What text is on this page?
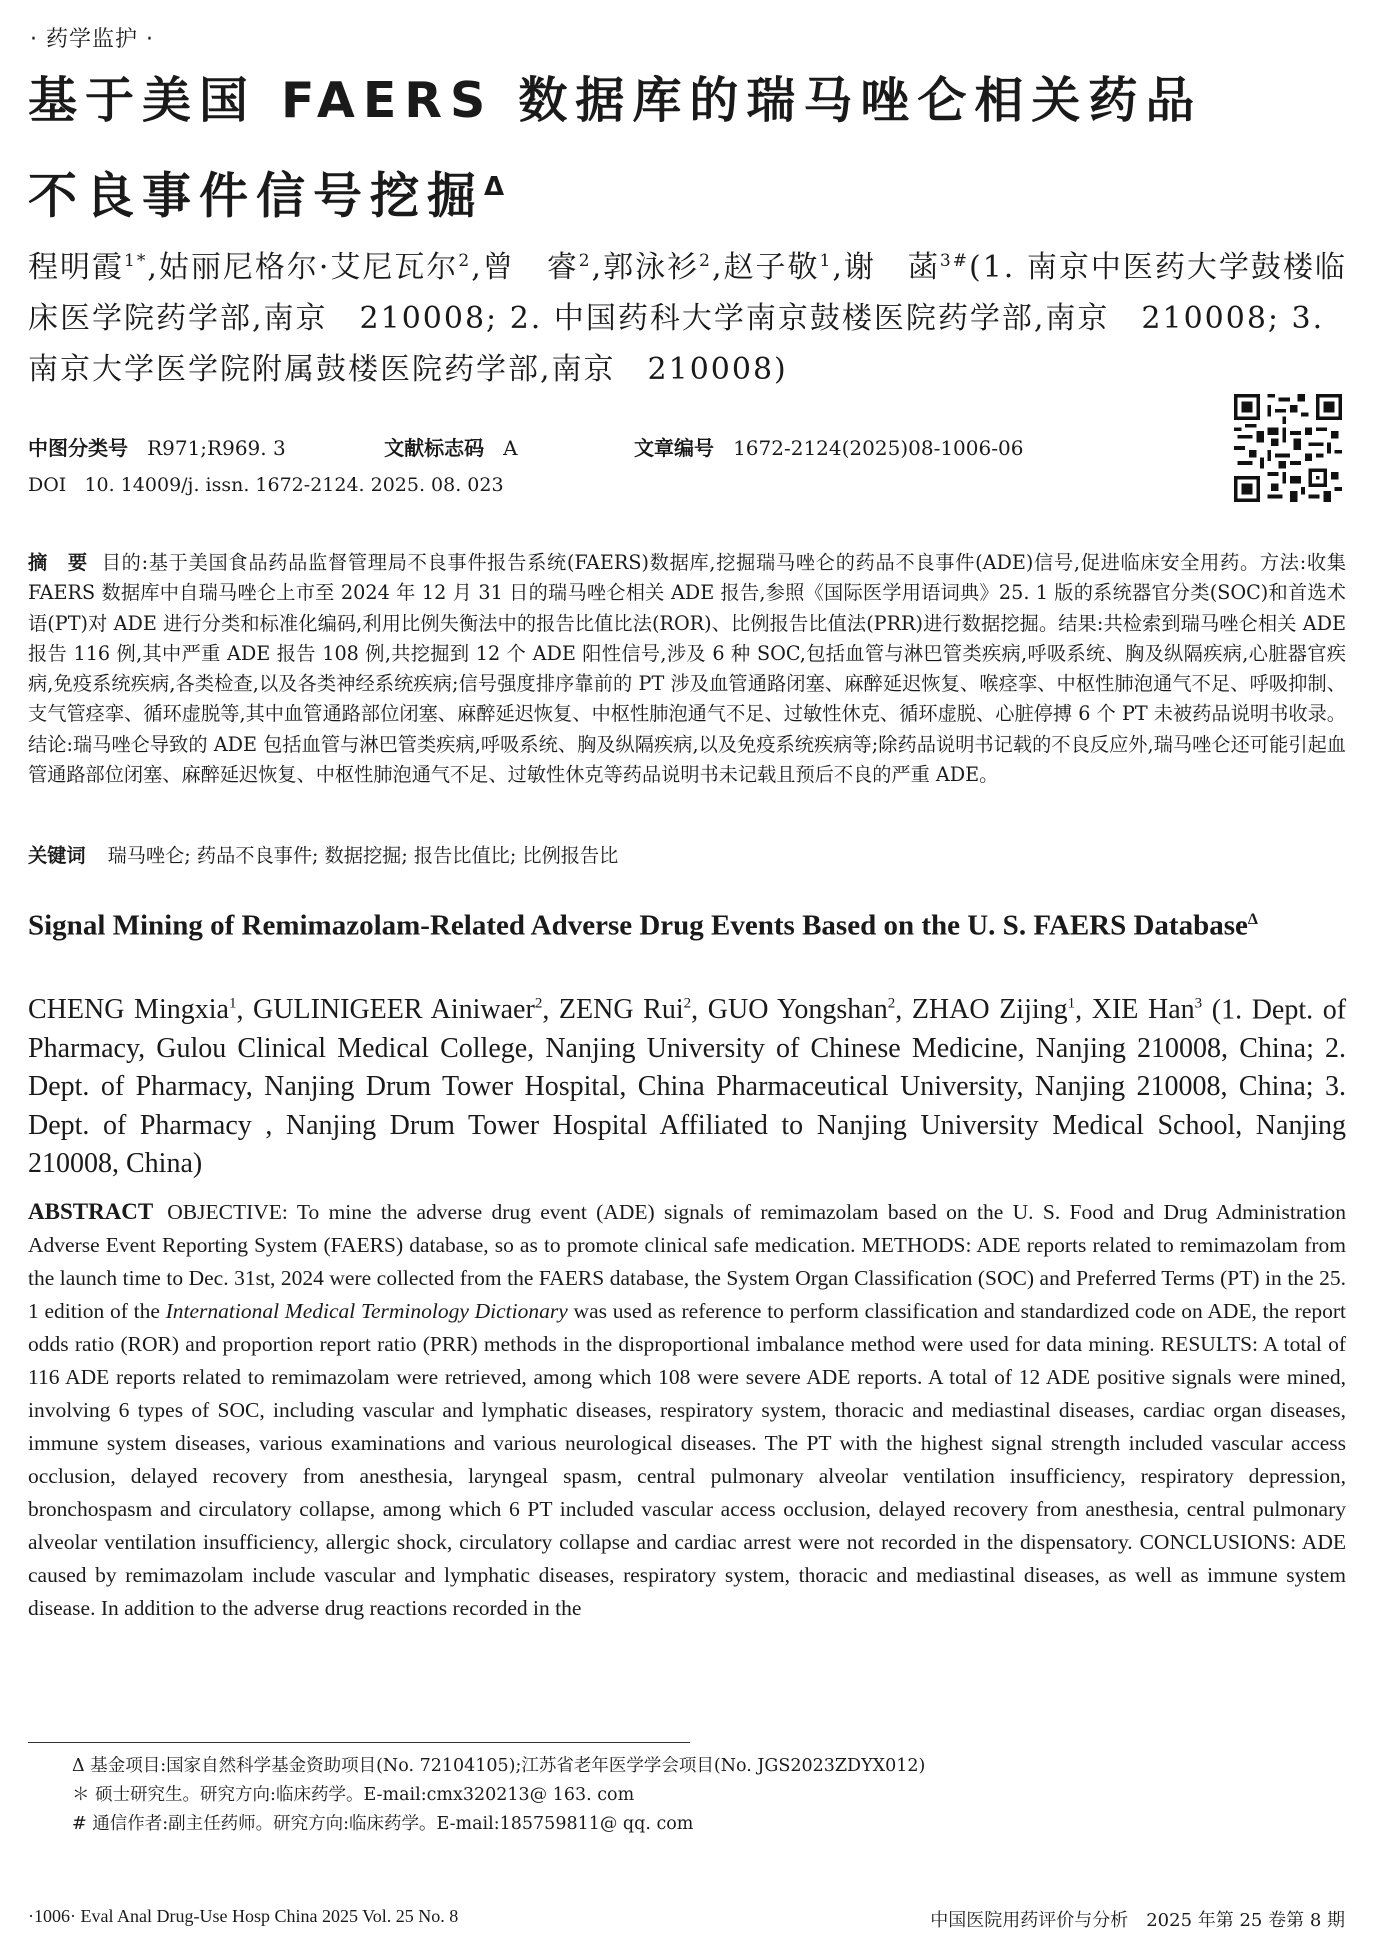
· 药学监护 ·
基于美国 FAERS 数据库的瑞马唑仑相关药品
不良事件信号挖掘$^\Delta$
程明霞$^{1*}$,姑丽尼格尔·艾尼瓦尔$^2$,曾　睿$^2$,郭泳衫$^2$,赵子敬$^1$,谢　菡$^{3\#}$(1. 南京中医药大学鼓楼临床医学院药学部,南京　210008; 2. 中国药科大学南京鼓楼医院药学部,南京　210008; 3. 南京大学医学院附属鼓楼医院药学部,南京　210008)
中图分类号 R971;R969. 3	文献标志码 A	文章编号 1672-2124(2025)08-1006-06
DOI 10. 14009/j. issn. 1672-2124. 2025. 08. 023
摘　要 目的:基于美国食品药品监督管理局不良事件报告系统(FAERS)数据库,挖掘瑞马唑仑的药品不良事件(ADE)信号,促进临床安全用药。方法:收集 FAERS 数据库中自瑞马唑仑上市至 2024 年 12 月 31 日的瑞马唑仑相关 ADE 报告,参照《国际医学用语词典》25. 1 版的系统器官分类(SOC)和首选术语(PT)对 ADE 进行分类和标准化编码,利用比例失衡法中的报告比值比法(ROR)、比例报告比值法(PRR)进行数据挖掘。结果:共检索到瑞马唑仑相关 ADE 报告 116 例,其中严重 ADE 报告 108 例,共挖掘到 12 个 ADE 阳性信号,涉及 6 种 SOC,包括血管与淋巴管类疾病,呼吸系统、胸及纵隔疾病,心脏器官疾病,免疫系统疾病,各类检查,以及各类神经系统疾病;信号强度排序靠前的 PT 涉及血管通路闭塞、麻醉延迟恢复、喉痉挛、中枢性肺泡通气不足、呼吸抑制、支气管痉挛、循环虚脱等,其中血管通路部位闭塞、麻醉延迟恢复、中枢性肺泡通气不足、过敏性休克、循环虚脱、心脏停搏 6 个 PT 未被药品说明书收录。结论:瑞马唑仑导致的 ADE 包括血管与淋巴管类疾病,呼吸系统、胸及纵隔疾病,以及免疫系统疾病等;除药品说明书记载的不良反应外,瑞马唑仑还可能引起血管通路部位闭塞、麻醉延迟恢复、中枢性肺泡通气不足、过敏性休克等药品说明书未记载且预后不良的严重 ADE。
关键词 瑞马唑仑; 药品不良事件; 数据挖掘; 报告比值比; 比例报告比
Signal Mining of Remimazolam-Related Adverse Drug Events Based on the U. S. FAERS Database$^\Delta$
CHENG Mingxia$^1$, GULINIGEER Ainiwaer$^2$, ZENG Rui$^2$, GUO Yongshan$^2$, ZHAO Zijing$^1$, XIE Han$^3$ (1. Dept. of Pharmacy, Gulou Clinical Medical College, Nanjing University of Chinese Medicine, Nanjing 210008, China; 2. Dept. of Pharmacy, Nanjing Drum Tower Hospital, China Pharmaceutical University, Nanjing 210008, China; 3. Dept. of Pharmacy , Nanjing Drum Tower Hospital Affiliated to Nanjing University Medical School, Nanjing 210008, China)
ABSTRACT OBJECTIVE: To mine the adverse drug event (ADE) signals of remimazolam based on the U. S. Food and Drug Administration Adverse Event Reporting System (FAERS) database, so as to promote clinical safe medication. METHODS: ADE reports related to remimazolam from the launch time to Dec. 31st, 2024 were collected from the FAERS database, the System Organ Classification (SOC) and Preferred Terms (PT) in the 25. 1 edition of the International Medical Terminology Dictionary was used as reference to perform classification and standardized code on ADE, the report odds ratio (ROR) and proportion report ratio (PRR) methods in the disproportional imbalance method were used for data mining. RESULTS: A total of 116 ADE reports related to remimazolam were retrieved, among which 108 were severe ADE reports. A total of 12 ADE positive signals were mined, involving 6 types of SOC, including vascular and lymphatic diseases, respiratory system, thoracic and mediastinal diseases, cardiac organ diseases, immune system diseases, various examinations and various neurological diseases. The PT with the highest signal strength included vascular access occlusion, delayed recovery from anesthesia, laryngeal spasm, central pulmonary alveolar ventilation insufficiency, respiratory depression, bronchospasm and circulatory collapse, among which 6 PT included vascular access occlusion, delayed recovery from anesthesia, central pulmonary alveolar ventilation insufficiency, allergic shock, circulatory collapse and cardiac arrest were not recorded in the dispensatory. CONCLUSIONS: ADE caused by remimazolam include vascular and lymphatic diseases, respiratory system, thoracic and mediastinal diseases, as well as immune system disease. In addition to the adverse drug reactions recorded in the
Δ 基金项目:国家自然科学基金资助项目(No. 72104105);江苏省老年医学学会项目(No. JGS2023ZDYX012)
＊ 硕士研究生。研究方向:临床药学。E-mail:cmx320213@ 163. com
# 通信作者:副主任药师。研究方向:临床药学。E-mail:185759811@ qq. com
·1006· Eval Anal Drug-Use Hosp China 2025 Vol. 25 No. 8	中国医院用药评价与分析　2025 年第 25 卷第 8 期
